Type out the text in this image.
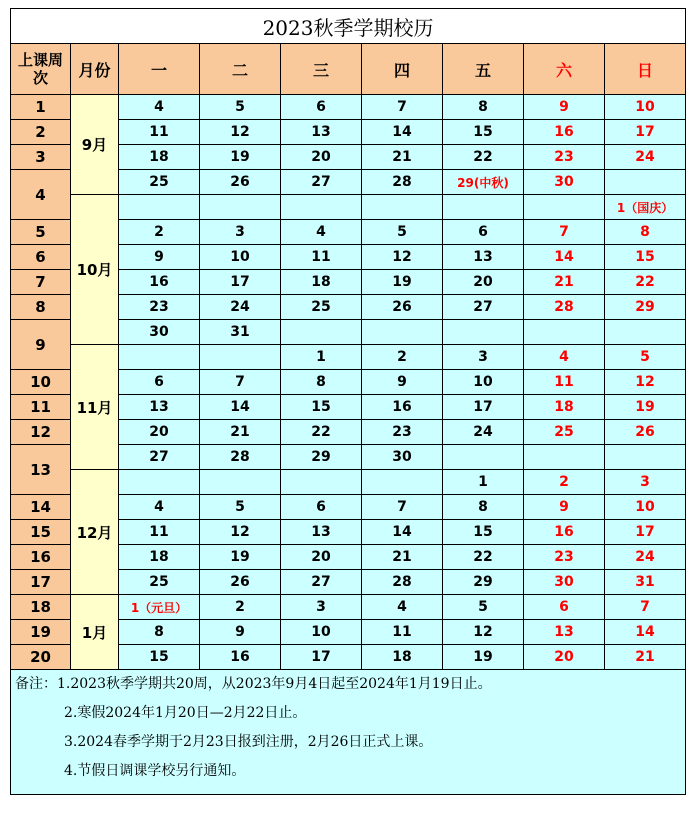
2023秋季学期校历								
上课周次	月份	一	二	三	四	五	六	日
1	9月	4	5	6	7	8	9	10
2		11	12	13	14	15	16	17
3		18	19	20	21	22	23	24
4		25	26	27	28	29(中秋)	30	
	10月							1（国庆）
5		2	3	4	5	6	7	8
6		9	10	11	12	13	14	15
7		16	17	18	19	20	21	22
8		23	24	25	26	27	28	29
9		30	31					
	11月			1	2	3	4	5
10		6	7	8	9	10	11	12
11		13	14	15	16	17	18	19
12		20	21	22	23	24	25	26
13		27	28	29	30			
	12月					1	2	3
14		4	5	6	7	8	9	10
15		11	12	13	14	15	16	17
16		18	19	20	21	22	23	24
17		25	26	27	28	29	30	31
18	1月	1（元旦）	2	3	4	5	6	7
19		8	9	10	11	12	13	14
20		15	16	17	18	19	20	21

备注：1.2023秋季学期共20周，从2023年9月4日起至2024年1月19日止。
2.寒假2024年1月20日—2月22日止。
3.2024春季学期于2月23日报到注册，2月26日正式上课。
4.节假日调课学校另行通知。								
